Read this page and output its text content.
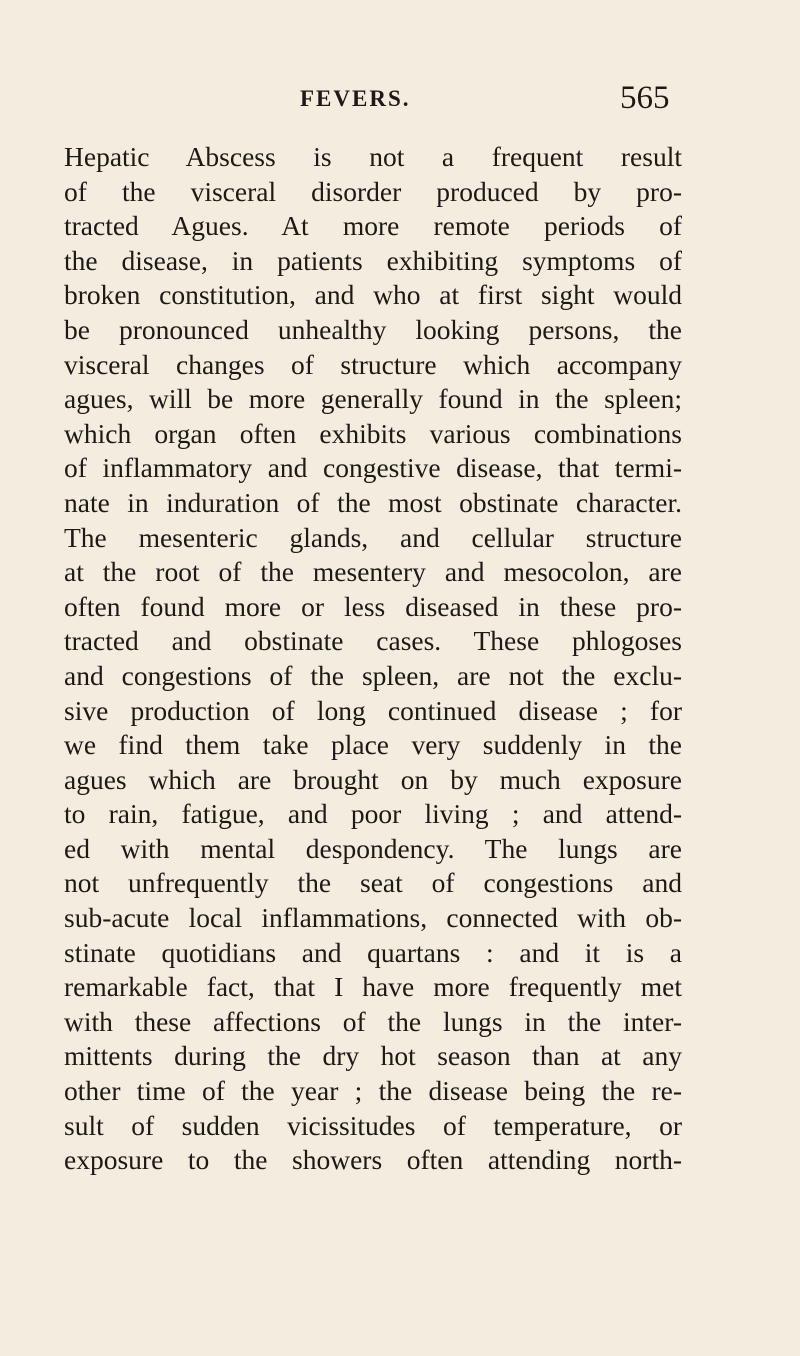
FEVERS.	565
Hepatic Abscess is not a frequent result
of the visceral disorder produced by pro-
tracted Agues. At more remote periods of
the disease, in patients exhibiting symptoms of
broken constitution, and who at first sight would
be pronounced unhealthy looking persons, the
visceral changes of structure which accompany
agues, will be more generally found in the spleen;
which organ often exhibits various combinations
of inflammatory and congestive disease, that termi-
nate in induration of the most obstinate character.
The mesenteric glands, and cellular structure
at the root of the mesentery and mesocolon, are
often found more or less diseased in these pro-
tracted and obstinate cases. These phlogoses
and congestions of the spleen, are not the exclu-
sive production of long continued disease ; for
we find them take place very suddenly in the
agues which are brought on by much exposure
to rain, fatigue, and poor living ; and attend-
ed with mental despondency. The lungs are
not unfrequently the seat of congestions and
sub-acute local inflammations, connected with ob-
stinate quotidians and quartans : and it is a
remarkable fact, that I have more frequently met
with these affections of the lungs in the inter-
mittents during the dry hot season than at any
other time of the year ; the disease being the re-
sult of sudden vicissitudes of temperature, or
exposure to the showers often attending north-
